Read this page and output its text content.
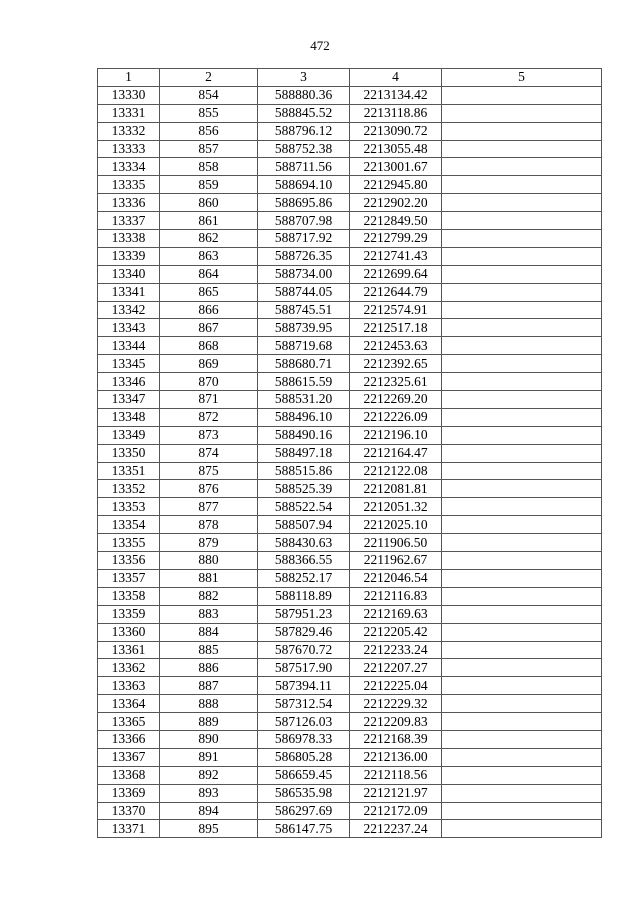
472
1	2	3	4	5
13330	854	588880.36	2213134.42	
13331	855	588845.52	2213118.86	
13332	856	588796.12	2213090.72	
13333	857	588752.38	2213055.48	
13334	858	588711.56	2213001.67	
13335	859	588694.10	2212945.80	
13336	860	588695.86	2212902.20	
13337	861	588707.98	2212849.50	
13338	862	588717.92	2212799.29	
13339	863	588726.35	2212741.43	
13340	864	588734.00	2212699.64	
13341	865	588744.05	2212644.79	
13342	866	588745.51	2212574.91	
13343	867	588739.95	2212517.18	
13344	868	588719.68	2212453.63	
13345	869	588680.71	2212392.65	
13346	870	588615.59	2212325.61	
13347	871	588531.20	2212269.20	
13348	872	588496.10	2212226.09	
13349	873	588490.16	2212196.10	
13350	874	588497.18	2212164.47	
13351	875	588515.86	2212122.08	
13352	876	588525.39	2212081.81	
13353	877	588522.54	2212051.32	
13354	878	588507.94	2212025.10	
13355	879	588430.63	2211906.50	
13356	880	588366.55	2211962.67	
13357	881	588252.17	2212046.54	
13358	882	588118.89	2212116.83	
13359	883	587951.23	2212169.63	
13360	884	587829.46	2212205.42	
13361	885	587670.72	2212233.24	
13362	886	587517.90	2212207.27	
13363	887	587394.11	2212225.04	
13364	888	587312.54	2212229.32	
13365	889	587126.03	2212209.83	
13366	890	586978.33	2212168.39	
13367	891	586805.28	2212136.00	
13368	892	586659.45	2212118.56	
13369	893	586535.98	2212121.97	
13370	894	586297.69	2212172.09	
13371	895	586147.75	2212237.24	
